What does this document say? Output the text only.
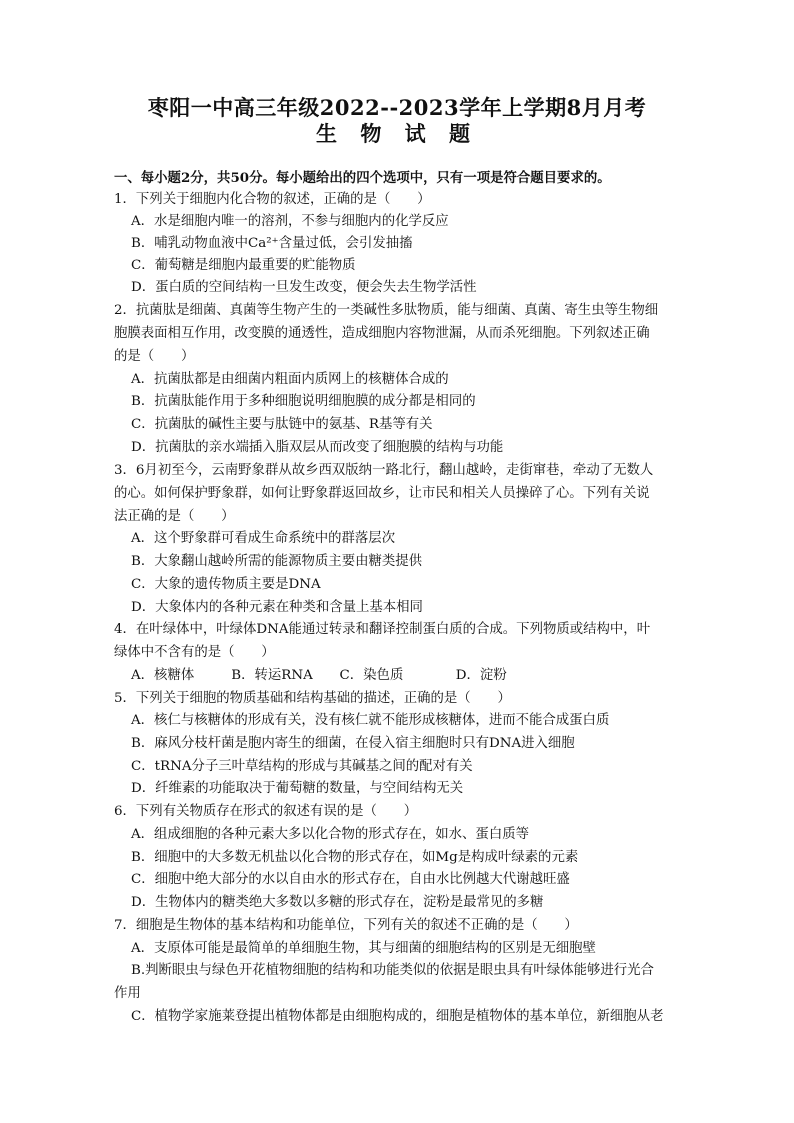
枣阳一中高三年级2022--2023学年上学期8月月考
生 物 试 题
一、每小题2分，共50分。每小题给出的四个选项中，只有一项是符合题目要求的。
1．下列关于细胞内化合物的叙述，正确的是（　　）
A．水是细胞内唯一的溶剂，不参与细胞内的化学反应
B．哺乳动物血液中Ca²⁺含量过低，会引发抽搐
C．葡萄糖是细胞内最重要的贮能物质
D．蛋白质的空间结构一旦发生改变，便会失去生物学活性
2．抗菌肽是细菌、真菌等生物产生的一类碱性多肽物质，能与细菌、真菌、寄生虫等生物细
胞膜表面相互作用，改变膜的通透性，造成细胞内容物泄漏，从而杀死细胞。下列叙述正确
的是（　　）
A．抗菌肽都是由细菌内粗面内质网上的核糖体合成的
B．抗菌肽能作用于多种细胞说明细胞膜的成分都是相同的
C．抗菌肽的碱性主要与肽链中的氨基、R基等有关
D．抗菌肽的亲水端插入脂双层从而改变了细胞膜的结构与功能
3．6月初至今，云南野象群从故乡西双版纳一路北行，翻山越岭，走街窜巷，牵动了无数人
的心。如何保护野象群，如何让野象群返回故乡，让市民和相关人员操碎了心。下列有关说
法正确的是（　　）
A．这个野象群可看成生命系统中的群落层次
B．大象翻山越岭所需的能源物质主要由糖类提供
C．大象的遗传物质主要是DNA
D．大象体内的各种元素在种类和含量上基本相同
4．在叶绿体中，叶绿体DNA能通过转录和翻译控制蛋白质的合成。下列物质或结构中，叶
绿体中不含有的是（　　）
A．核糖体	B．转运RNA C．染色质	D．淀粉
5．下列关于细胞的物质基础和结构基础的描述，正确的是（　　）
A．核仁与核糖体的形成有关，没有核仁就不能形成核糖体，进而不能合成蛋白质
B．麻风分枝杆菌是胞内寄生的细菌，在侵入宿主细胞时只有DNA进入细胞
C．tRNA分子三叶草结构的形成与其碱基之间的配对有关
D．纤维素的功能取决于葡萄糖的数量，与空间结构无关
6．下列有关物质存在形式的叙述有误的是（　　）
A．组成细胞的各种元素大多以化合物的形式存在，如水、蛋白质等
B．细胞中的大多数无机盐以化合物的形式存在，如Mg是构成叶绿素的元素
C．细胞中绝大部分的水以自由水的形式存在，自由水比例越大代谢越旺盛
D．生物体内的糖类绝大多数以多糖的形式存在，淀粉是最常见的多糖
7．细胞是生物体的基本结构和功能单位，下列有关的叙述不正确的是（　　）
A．支原体可能是最简单的单细胞生物，其与细菌的细胞结构的区别是无细胞壁
B.判断眼虫与绿色开花植物细胞的结构和功能类似的依据是眼虫具有叶绿体能够进行光合
作用
C．植物学家施莱登提出植物体都是由细胞构成的，细胞是植物体的基本单位，新细胞从老
